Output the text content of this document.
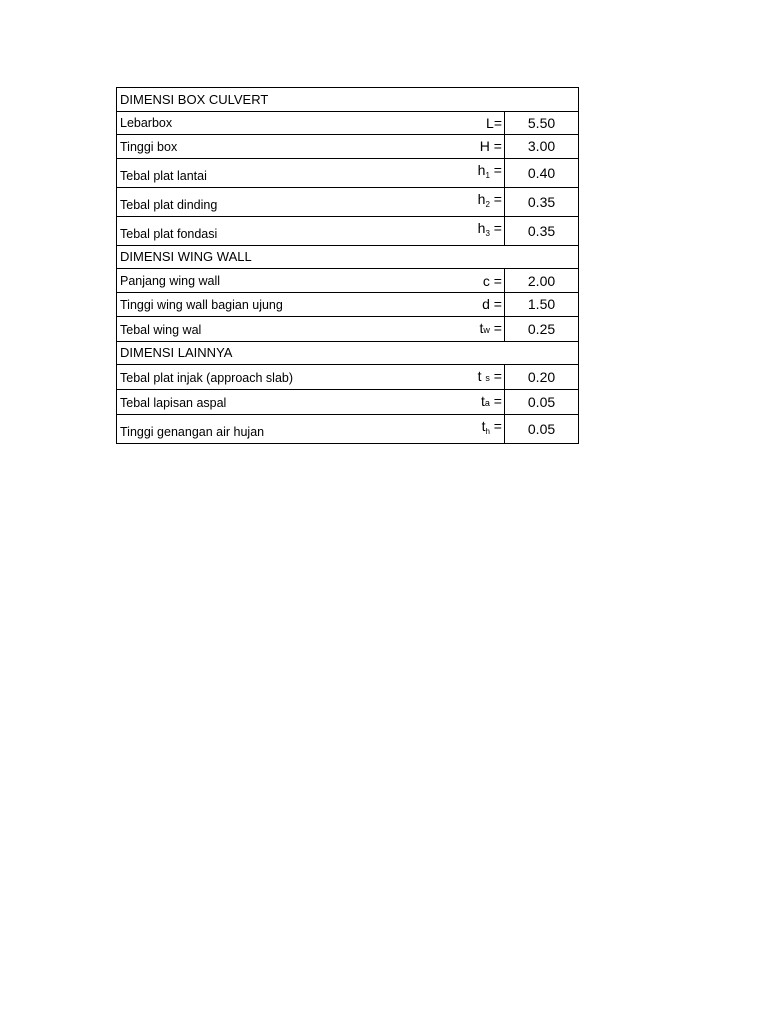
DIMENSI BOX CULVERT		
Lebarbox	L=	5.50
Tinggi box	H =	3.00
Tebal plat lantai	$h_1$ =	0.40
Tebal plat dinding	$h_2$ =	0.35
Tebal plat fondasi	$h_3$ =	0.35
DIMENSI WING WALL		
Panjang wing wall	c =	2.00
Tinggi wing wall bagian ujung	d =	1.50
Tebal wing wal	tw =	0.25
DIMENSI LAINNYA		
Tebal plat injak (approach slab)	t s =	0.20
Tebal lapisan aspal	ta =	0.05
Tinggi genangan air hujan	$t_h$ =	0.05
